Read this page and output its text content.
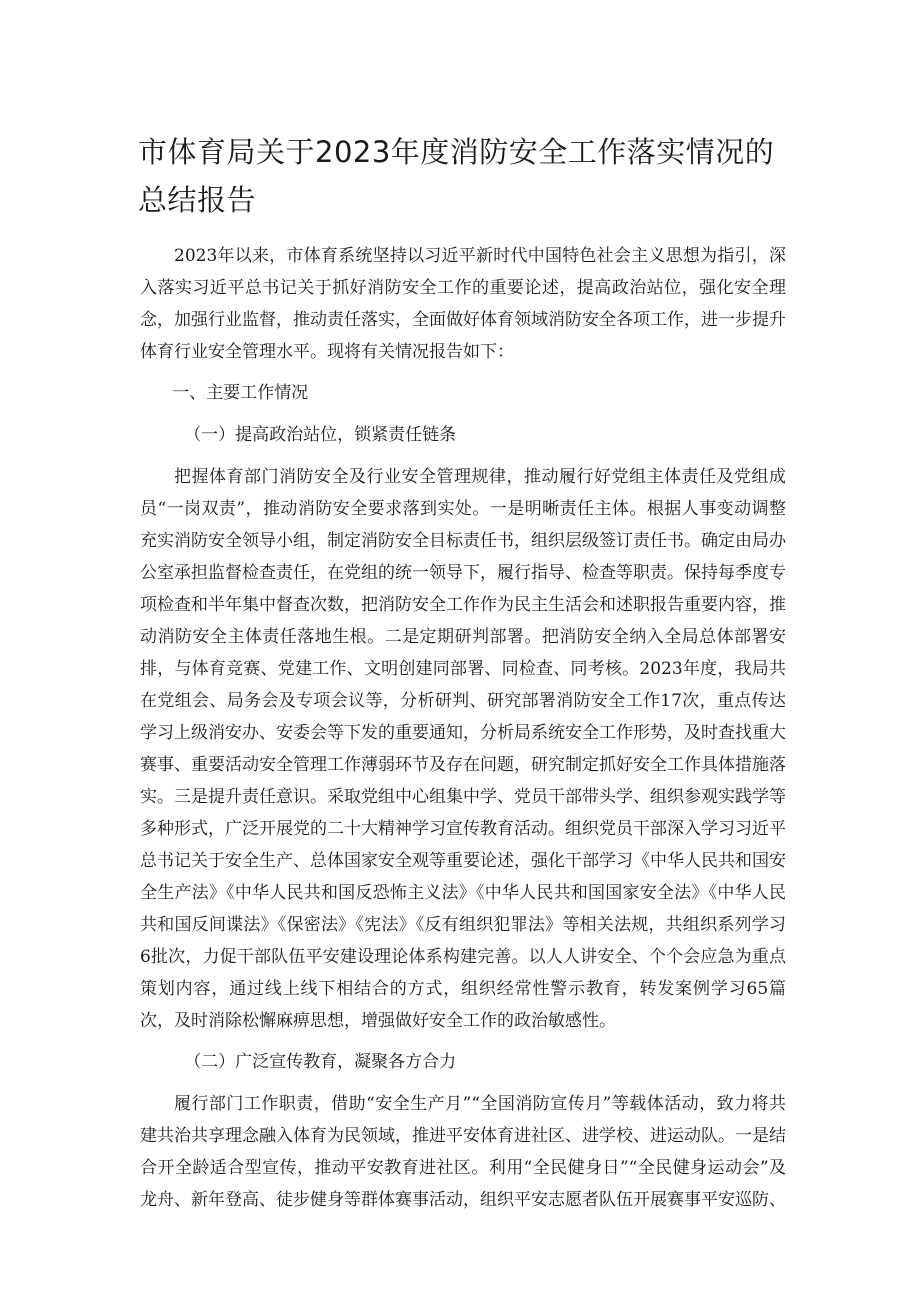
市体育局关于2023年度消防安全工作落实情况的总结报告

2023年以来，市体育系统坚持以习近平新时代中国特色社会主义思想为指引，深入落实习近平总书记关于抓好消防安全工作的重要论述，提高政治站位，强化安全理念，加强行业监督，推动责任落实，全面做好体育领域消防安全各项工作，进一步提升体育行业安全管理水平。现将有关情况报告如下：

一、主要工作情况

（一）提高政治站位，锁紧责任链条

把握体育部门消防安全及行业安全管理规律，推动履行好党组主体责任及党组成员“一岗双责”，推动消防安全要求落到实处。一是明晰责任主体。根据人事变动调整充实消防安全领导小组，制定消防安全目标责任书，组织层级签订责任书。确定由局办公室承担监督检查责任，在党组的统一领导下，履行指导、检查等职责。保持每季度专项检查和半年集中督查次数，把消防安全工作作为民主生活会和述职报告重要内容，推动消防安全主体责任落地生根。二是定期研判部署。把消防安全纳入全局总体部署安排，与体育竞赛、党建工作、文明创建同部署、同检查、同考核。2023年度，我局共在党组会、局务会及专项会议等，分析研判、研究部署消防安全工作17次，重点传达学习上级消安办、安委会等下发的重要通知，分析局系统安全工作形势，及时查找重大赛事、重要活动安全管理工作薄弱环节及存在问题，研究制定抓好安全工作具体措施落实。三是提升责任意识。采取党组中心组集中学、党员干部带头学、组织参观实践学等多种形式，广泛开展党的二十大精神学习宣传教育活动。组织党员干部深入学习习近平总书记关于安全生产、总体国家安全观等重要论述，强化干部学习《中华人民共和国安全生产法》《中华人民共和国反恐怖主义法》《中华人民共和国国家安全法》《中华人民共和国反间谍法》《保密法》《宪法》《反有组织犯罪法》等相关法规，共组织系列学习6批次，力促干部队伍平安建设理论体系构建完善。以人人讲安全、个个会应急为重点策划内容，通过线上线下相结合的方式，组织经常性警示教育，转发案例学习65篇次，及时消除松懈麻痹思想，增强做好安全工作的政治敏感性。

（二）广泛宣传教育，凝聚各方合力

履行部门工作职责，借助“安全生产月”“全国消防宣传月”等载体活动，致力将共建共治共享理念融入体育为民领域，推进平安体育进社区、进学校、进运动队。一是结合开全龄适合型宣传，推动平安教育进社区。利用“全民健身日”“全民健身运动会”及龙舟、新年登高、徒步健身等群体赛事活动，组织平安志愿者队伍开展赛事平安巡防、
